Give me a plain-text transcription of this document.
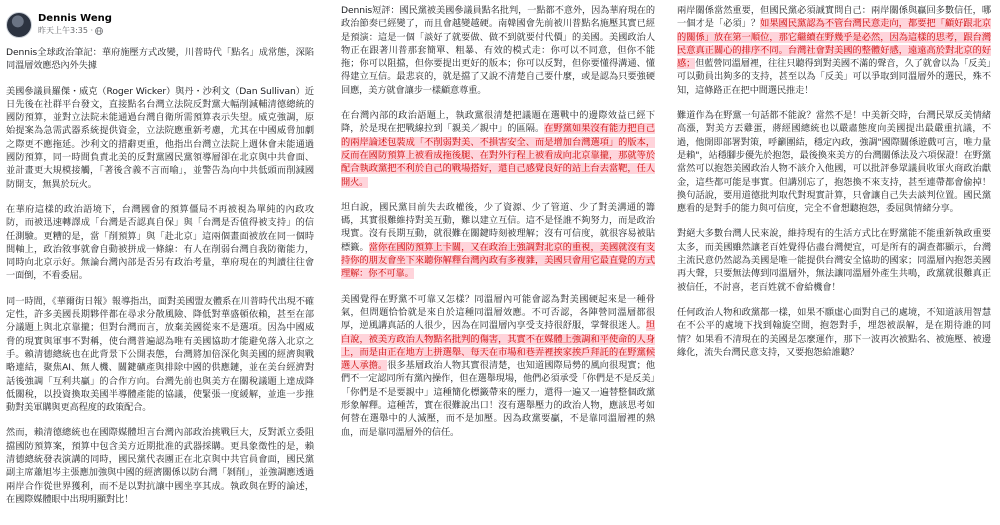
Dennis Weng
昨天上午3:35 ·

Dennis全球政治筆記：華府施壓方式改變，川普時代「點名」成常態，深陷同溫層效應恐內外失據

美國參議員羅傑・威克（Roger Wicker）與丹・沙利文（Dan Sullivan）近日先後在社群平台發文，直接點名台灣立法院反對黨大幅削減輔清德總統的國防預算，並對立法院未能通過台灣自衛所需預算表示失望。威克強調，原始提案為急需武器系統提供資金，立法院應重新考慮，尤其在中國威脅加劇之際更不應拖延。沙利文的措辭更重，他指出台灣立法院上週休會未能通過國防預算，同一時間負責北美的反對黨國民黨領導層卻在北京與中共會面、並計畫更大規模接觸，「著後含義不言而喻」，並警告為向中共低頭而削減國防開支，無異於玩火。

在華府這樣的政治語境下，台灣國會的預算僵局不再被視為單純的內政攻防，而被迅速轉譯成「台灣是否認真自保」與「台灣是否值得被支持」的信任測驗。更糟的是，當「削預算」與「赴北京」這兩個畫面被放在同一個時間軸上，政治敘事就會自動被拼成一條線：有人在削弱台灣自我防衛能力，同時向北京示好。無論台灣內部是否另有政治考量，華府現在的判讀往往會一面倒，不看委屈。

同一時間，《華爾街日報》報導指出，面對美國盟友體系在川普時代出現不確定性，許多美國長期夥伴都在尋求分散風險、降低對華盛頓依賴，甚至在部分議題上與北京靠攏；但對台灣而言，放棄美國從來不是選項。因為中國威脅的現實與軍事不對稱，使台灣普遍認為唯有美國協助才能避免落入北京之手。賴清德總統也在此背景下公開表態，台灣將加倍深化與美國的經濟與戰略連結，聚焦AI、無人機、關鍵礦產與排除中國的供應鏈，並在美台經濟對話後強調「互利共贏」的合作方向。台灣先前也與美方在關稅議題上達成降低關稅，以投資換取美國半導體產能的協議，使緊張一度緩解，並進一步推動對美軍購與更高程度的政策配合。

然而，賴清德總統也在國際媒體坦言台灣內部政治挑戰巨大，反對派立委阻擋國防預算案，預算中包含美方近期批准的武器採購。更具象徵性的是，賴清德總統發表演講的同時，國民黨代表團正在北京與中共官員會面，國民黨副主席蕭旭岑主張應加強與中國的經濟關係以防台灣「剝削」，並強調應透過兩岸合作從世界獲利，而不是以對抗讓中國坐享其成。執政與在野的論述，在國際媒體眼中出現明顯對比！

Dennis短評：國民黨被美國參議員點名批判，一點都不意外，因為華府現在的政治節奏已經變了，而且會越變越硬。南韓國會先前被川普點名施壓其實已經是預演：這是一個「談好了就要做、做不到就要付代價」的美國。美國政治人物正在跟著川普那套簡單、粗暴、有效的模式走：你可以不同意，但你不能拖；你可以阻擋，但你要提出更好的版本；你可以反對，但你要懂得溝通、懂得建立互信。最悲哀的，就是擋了又說不清楚自己要什麼，或是認為只要強硬回應，美方就會讓步一樣顧意尊重。

在台灣內部的政治語題上，執政黨很清楚把議題在選戰中的邊際效益已經下降，於是現在把戰線拉到「親美／親中」的區隔。在野黨如果沒有能力把自己的兩岸論述包裝成「不削弱對美、不損害安全、而是增加台灣選項」的版本，反而在國防預算上被看成拖後腿、在對外行程上被看成向北京靠攏，那就等於配合執政黨把不利於自己的戰場搭好，還自己感覺良好的站上台去當靶，任人開火。

坦白說，國民黨目前失去政權後，少了資源、少了管道、少了對美溝通的籌碼，其實很難維持對美互動，難以建立互信。這不是怪誰不夠努力，而是政治現實。沒有長期互動，就很難在關鍵時刻被理解；沒有可信度，就很容易被貼標籤。當你在國防預算上卡關，又在政治上強調對北京的重視，美國就沒有支持你的朋友會坐下來聽你解釋台灣內政有多複雜，美國只會用它最直覺的方式理解：你不可靠。

美國覺得在野黨不可靠又怎樣？同溫層內可能會認為對美國硬起來是一種骨氣，但問題恰恰就是來自於這種同溫層效應。不可否認，各陣營同溫層都很厚，逆風講真話的人很少，因為在同溫層內享受支持很舒服，掌聲很迷人。坦白說，被美方政治人物點名批判的傷害，其實不在媒體上強調和平使命的人身上，而是由正在地方上拼選舉、每天在市場和巷弄裡挨家挨戶拜託的在野黨候選人承擔。很多基層政治人物其實很清楚，也知道國際局勢的風向很現實；他們不一定認同所有黨內操作，但在選舉現場，他們必須承受「你們是不是反美」「你們是不是要親中」這種簡化標籤帶來的壓力，還得一遍又一遍替整個政黨形象解釋。這種苦，實在很難說出口！沒有選舉壓力的政治人物，應該思考如何替在選舉中的人減壓，而不是加壓。因為政黨要贏，不是靠同溫層裡的熱血，而是靠同溫層外的信任。

兩岸關係當然重要，但國民黨必須誠實問自己：兩岸關係與贏回多數信任，哪一個才是「必須」？如果國民黨認為不管台灣民意走向，都要把「顧好跟北京的關係」放在第一順位，那它繼續在野幾乎是必然，因為這樣的思考，跟台灣民意真正關心的排序不同。台灣社會對美國的整體好感，遠遠高於對北京的好感；但藍營同溫層裡，往往只聽得到對美國不滿的聲音，久了就會以為「反美」可以動員出夠多的支持，甚至以為「反美」可以爭取到同溫層外的選民，殊不知，這條路正在把中間選民推走！

難道作為在野黨一句話都不能說？當然不是！中美新交時，台灣民眾反美情緒高漲，對美方丟雞蛋，蔣經國總統也以嚴肅態度向美國提出最嚴重抗議，不過，他開即部署對策，呼籲團結，穩定內政，強調"國際關係遊戲可言，唯力量是賴"，站穩腳步優先於抱怨，最後換來美方的台灣關係法及六項保證！在野黨當然可以抱怨美國政治人物不該介入他國，可以批評參眾議員收軍火商政治獻金，這些都可能是事實。但講別忘了，抱怨換不來支持，甚至連帶都會偷掉！換句話說，要用道德批判取代對現實計算，只會讓自己失去談判位置。國民黨應看的是對手的能力與可信度，完全不會想聽抱怨，委屈與情緒分享。

對絕大多數台灣人民來說，維持現有的生活方式比在野黨能不能重新執政重要太多，而美國雖然讓老百姓覺得佔盡台灣便宜，可是所有的調查都顯示，台灣主流民意仍然認為美國是唯一能提供台灣安全協助的國家；同溫層內抱怨美國再大聲，只要無法傳到同溫層外，無法讓同溫層外產生共鳴，政黨就很難真正被信任，不討喜，老百姓就不會給機會！

任何政治人物和政黨都一樣，如果不願虛心面對自己的處境，不知道該用智慧在不公平的處境下找到翰旋空間，抱怨對手，埋怨被誤解，是在期待誰的同情？如果看不清現在的美國是怎麼運作，那下一波再次被點名、被施壓、被邊緣化，流失台灣民意支持，又要抱怨給誰聽？
